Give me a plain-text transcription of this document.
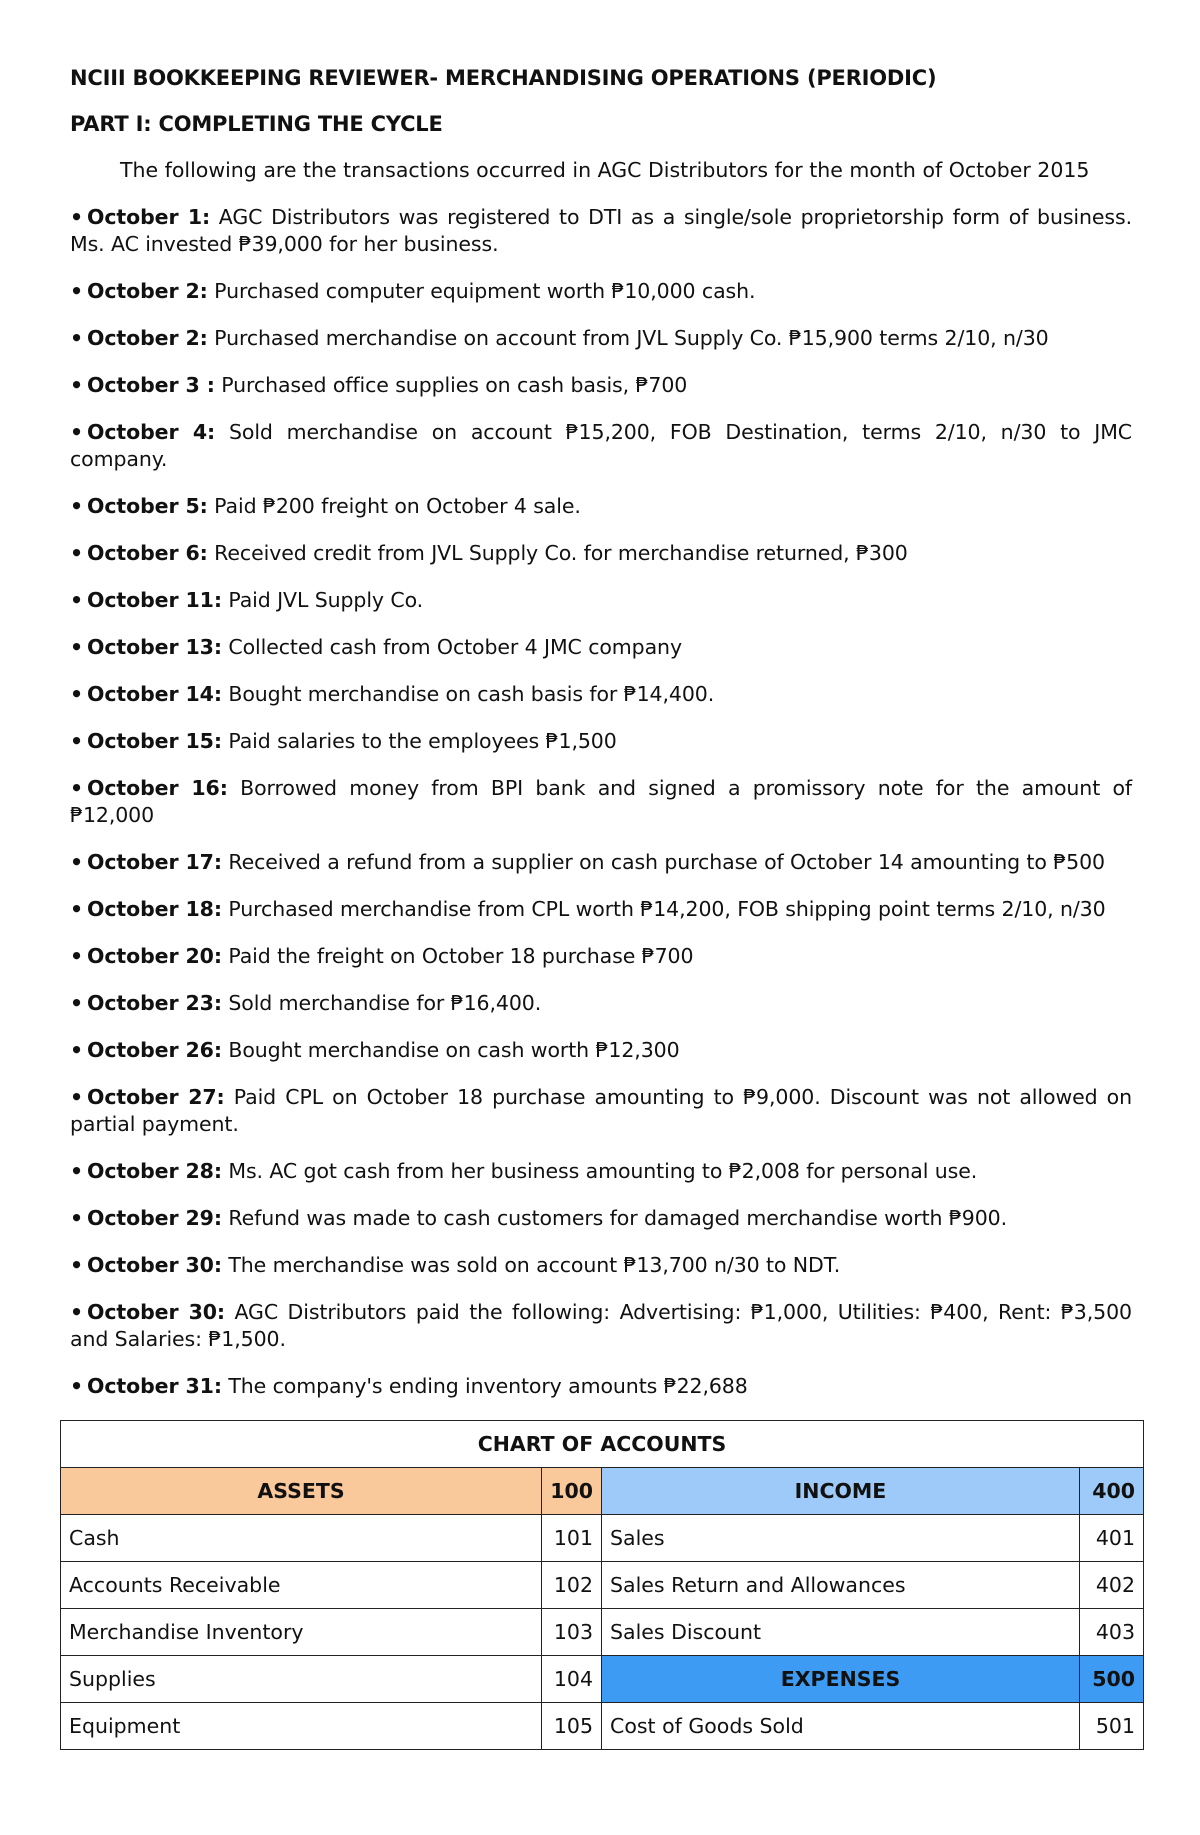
NCIII BOOKKEEPING REVIEWER- MERCHANDISING OPERATIONS (PERIODIC)
PART I: COMPLETING THE CYCLE
The following are the transactions occurred in AGC Distributors for the month of October 2015
• October 1: AGC Distributors was registered to DTI as a single/sole proprietorship form of business. Ms. AC invested ₱39,000 for her business.
• October 2: Purchased computer equipment worth ₱10,000 cash.
• October 2: Purchased merchandise on account from JVL Supply Co. ₱15,900 terms 2/10, n/30
• October 3 : Purchased office supplies on cash basis, ₱700
• October 4: Sold merchandise on account ₱15,200, FOB Destination, terms 2/10, n/30 to JMC company.
• October 5: Paid ₱200 freight on October 4 sale.
• October 6: Received credit from JVL Supply Co. for merchandise returned, ₱300
• October 11: Paid JVL Supply Co.
• October 13: Collected cash from October 4 JMC company
• October 14: Bought merchandise on cash basis for ₱14,400.
• October 15: Paid salaries to the employees ₱1,500
• October 16: Borrowed money from BPI bank and signed a promissory note for the amount of ₱12,000
• October 17: Received a refund from a supplier on cash purchase of October 14 amounting to ₱500
• October 18: Purchased merchandise from CPL worth ₱14,200, FOB shipping point terms 2/10, n/30
• October 20: Paid the freight on October 18 purchase ₱700
• October 23: Sold merchandise for ₱16,400.
• October 26: Bought merchandise on cash worth ₱12,300
• October 27: Paid CPL on October 18 purchase amounting to ₱9,000. Discount was not allowed on partial payment.
• October 28: Ms. AC got cash from her business amounting to ₱2,008 for personal use.
• October 29: Refund was made to cash customers for damaged merchandise worth ₱900.
• October 30: The merchandise was sold on account ₱13,700 n/30 to NDT.
• October 30: AGC Distributors paid the following: Advertising: ₱1,000, Utilities: ₱400, Rent: ₱3,500 and Salaries: ₱1,500.
• October 31: The company's ending inventory amounts ₱22,688
CHART OF ACCOUNTS			
ASSETS	100	INCOME	400
Cash	101	Sales	401
Accounts Receivable	102	Sales Return and Allowances	402
Merchandise Inventory	103	Sales Discount	403
Supplies	104	EXPENSES	500
Equipment	105	Cost of Goods Sold	501
